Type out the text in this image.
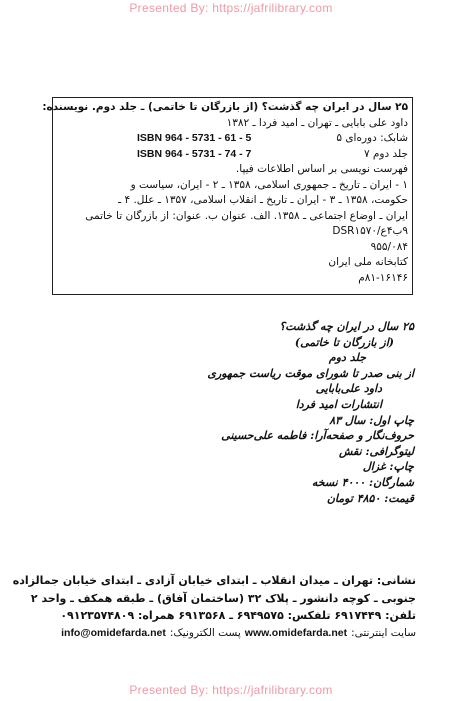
Presented By: https://jafrilibrary.com
۲۵ سال در ایران چه گذشت؟ (از بازرگان تا خاتمی) ـ جلد دوم. نویسنده:
داود علی بابایی ـ تهران ـ امید فردا ـ ۱۳۸۲
شابک: دوره‌ای ۵
ISBN 964 - 5731 - 61 - 5
جلد دوم ۷
ISBN 964 - 5731 - 74 - 7
فهرست نویسی بر اساس اطلاعات فیپا.
۱ - ایران ـ تاریخ ـ جمهوری اسلامی، ۱۳۵۸ ـ ۲ - ایران، سیاست و
حکومت، ۱۳۵۸ ـ ۳ - ایران ـ تاریخ ـ انقلاب اسلامی، ۱۳۵۷ ـ علل. ۴ ـ
ایران ـ اوضاع اجتماعی ـ ۱۳۵۸. الف. عنوان ب. عنوان: از بازرگان تا خاتمی
۹ب۴ع/DSR۱۵۷۰
۹۵۵/۰۸۴
کتابخانه ملی ایران
۸۱-۱۶۱۴۶م
۲۵ سال در ایران چه گذشت؟
(از بازرگان تا خاتمی)
جلد دوم
از بنی صدر تا شورای موقت ریاست جمهوری
داود علی‌بابایی
انتشارات امید فردا
چاپ اول: سال ۸۳
حروف‌نگار و صفحه‌آرا: فاطمه علی‌حسینی
لیتوگرافی: نقش
چاپ: غزال
شمارگان: ۴۰۰۰ نسخه
قیمت: ۴۸۵۰ تومان
نشانی: تهران ـ میدان انقلاب ـ ابتدای خیابان آزادی ـ ابتدای خیابان جمالزاده
جنوبی ـ کوچه دانشور ـ پلاک ۳۲ (ساختمان آفاق) ـ طبقه همکف ـ واحد ۲
تلفن: ۶۹۱۷۴۴۹ تلفکس: ۶۹۴۹۵۷۵ ـ ۶۹۱۳۵۶۸ همراه: ۰۹۱۲۳۵۷۴۸۰۹
سایت اینترنتی:
www.omidefarda.net
پست الکترونیک:
info@omidefarda.net
Presented By: https://jafrilibrary.com
